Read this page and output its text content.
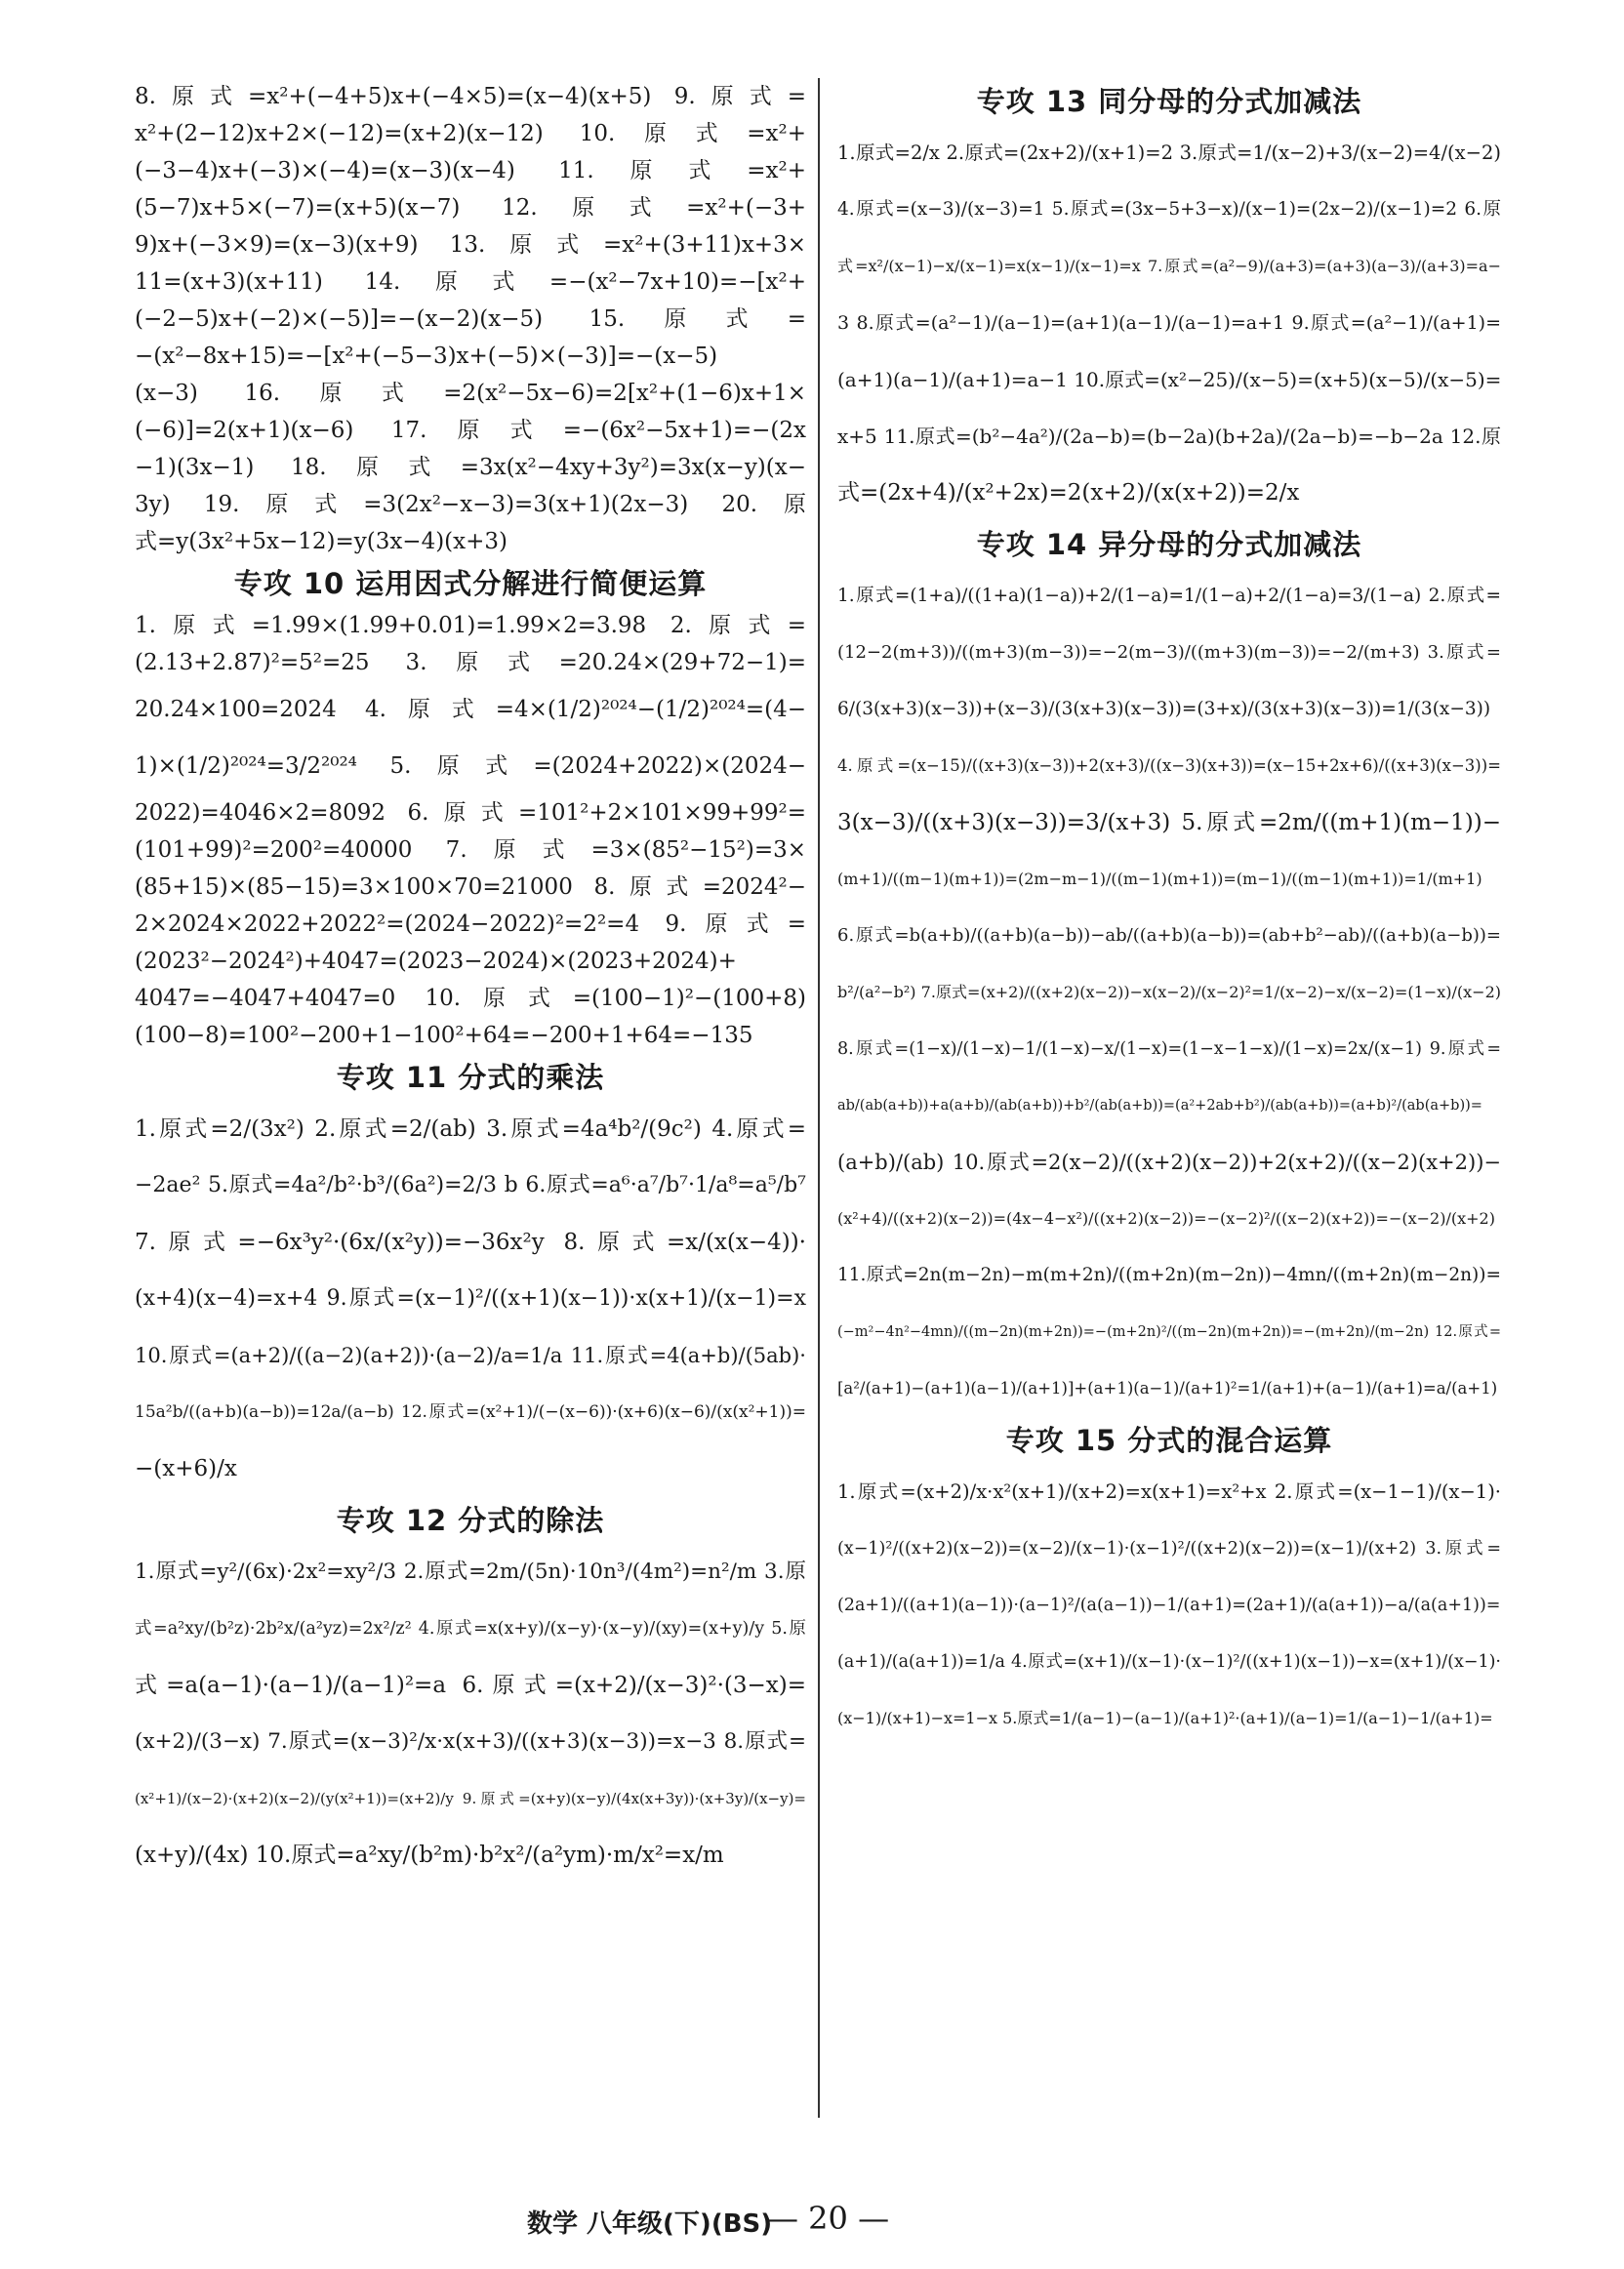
8.原式=x²+(−4+5)x+(−4×5)=(x−4)(x+5) 9.原式=
x²+(2−12)x+2×(−12)=(x+2)(x−12) 10.原式=x²+
(−3−4)x+(−3)×(−4)=(x−3)(x−4) 11.原式=x²+
(5−7)x+5×(−7)=(x+5)(x−7) 12.原式=x²+(−3+
9)x+(−3×9)=(x−3)(x+9) 13.原式=x²+(3+11)x+3×
11=(x+3)(x+11) 14.原式=−(x²−7x+10)=−[x²+
(−2−5)x+(−2)×(−5)]=−(x−2)(x−5) 15.原式=
−(x²−8x+15)=−[x²+(−5−3)x+(−5)×(−3)]=−(x−5)
(x−3) 16.原式=2(x²−5x−6)=2[x²+(1−6)x+1×
(−6)]=2(x+1)(x−6) 17.原式=−(6x²−5x+1)=−(2x
−1)(3x−1) 18.原式=3x(x²−4xy+3y²)=3x(x−y)(x−
3y) 19.原式=3(2x²−x−3)=3(x+1)(2x−3) 20.原
式=y(3x²+5x−12)=y(3x−4)(x+3)
专攻 10 运用因式分解进行简便运算
1.原式=1.99×(1.99+0.01)=1.99×2=3.98 2.原式=
(2.13+2.87)²=5²=25 3.原式=20.24×(29+72−1)=
20.24×100=2024 4.原式=4×(1/2)²⁰²⁴−(1/2)²⁰²⁴=(4−
1)×(1/2)²⁰²⁴=3/2²⁰²⁴ 5.原式=(2024+2022)×(2024−
2022)=4046×2=8092 6.原式=101²+2×101×99+99²=
(101+99)²=200²=40000 7.原式=3×(85²−15²)=3×
(85+15)×(85−15)=3×100×70=21000 8.原式=2024²−
2×2024×2022+2022²=(2024−2022)²=2²=4 9.原式=
(2023²−2024²)+4047=(2023−2024)×(2023+2024)+
4047=−4047+4047=0 10.原式=(100−1)²−(100+8)
(100−8)=100²−200+1−100²+64=−200+1+64=−135
专攻 11 分式的乘法
1.原式=2/(3x²) 2.原式=2/(ab) 3.原式=4a⁴b²/(9c²) 4.原式=
−2ae² 5.原式=4a²/b²·b³/(6a²)=2/3 b 6.原式=a⁶·a⁷/b⁷·1/a⁸=a⁵/b⁷
7.原式=−6x³y²·(6x/(x²y))=−36x²y 8.原式=x/(x(x−4))·
(x+4)(x−4)=x+4 9.原式=(x−1)²/((x+1)(x−1))·x(x+1)/(x−1)=x
10.原式=(a+2)/((a−2)(a+2))·(a−2)/a=1/a 11.原式=4(a+b)/(5ab)·
15a²b/((a+b)(a−b))=12a/(a−b) 12.原式=(x²+1)/(−(x−6))·(x+6)(x−6)/(x(x²+1))=
−(x+6)/x
专攻 12 分式的除法
1.原式=y²/(6x)·2x²=xy²/3 2.原式=2m/(5n)·10n³/(4m²)=n²/m 3.原
式=a²xy/(b²z)·2b²x/(a²yz)=2x²/z² 4.原式=x(x+y)/(x−y)·(x−y)/(xy)=(x+y)/y 5.原
式=a(a−1)·(a−1)/(a−1)²=a 6.原式=(x+2)/(x−3)²·(3−x)=
(x+2)/(3−x) 7.原式=(x−3)²/x·x(x+3)/((x+3)(x−3))=x−3 8.原式=
(x²+1)/(x−2)·(x+2)(x−2)/(y(x²+1))=(x+2)/y 9.原式=(x+y)(x−y)/(4x(x+3y))·(x+3y)/(x−y)=
(x+y)/(4x) 10.原式=a²xy/(b²m)·b²x²/(a²ym)·m/x²=x/m
专攻 13 同分母的分式加减法
1.原式=2/x 2.原式=(2x+2)/(x+1)=2 3.原式=1/(x−2)+3/(x−2)=4/(x−2)
4.原式=(x−3)/(x−3)=1 5.原式=(3x−5+3−x)/(x−1)=(2x−2)/(x−1)=2 6.原
式=x²/(x−1)−x/(x−1)=x(x−1)/(x−1)=x 7.原式=(a²−9)/(a+3)=(a+3)(a−3)/(a+3)=a−
3 8.原式=(a²−1)/(a−1)=(a+1)(a−1)/(a−1)=a+1 9.原式=(a²−1)/(a+1)=
(a+1)(a−1)/(a+1)=a−1 10.原式=(x²−25)/(x−5)=(x+5)(x−5)/(x−5)=
x+5 11.原式=(b²−4a²)/(2a−b)=(b−2a)(b+2a)/(2a−b)=−b−2a 12.原
式=(2x+4)/(x²+2x)=2(x+2)/(x(x+2))=2/x
专攻 14 异分母的分式加减法
1.原式=(1+a)/((1+a)(1−a))+2/(1−a)=1/(1−a)+2/(1−a)=3/(1−a) 2.原式=
(12−2(m+3))/((m+3)(m−3))=−2(m−3)/((m+3)(m−3))=−2/(m+3) 3.原式=
6/(3(x+3)(x−3))+(x−3)/(3(x+3)(x−3))=(3+x)/(3(x+3)(x−3))=1/(3(x−3))
4.原式=(x−15)/((x+3)(x−3))+2(x+3)/((x−3)(x+3))=(x−15+2x+6)/((x+3)(x−3))=
3(x−3)/((x+3)(x−3))=3/(x+3) 5.原式=2m/((m+1)(m−1))−
(m+1)/((m−1)(m+1))=(2m−m−1)/((m−1)(m+1))=(m−1)/((m−1)(m+1))=1/(m+1)
6.原式=b(a+b)/((a+b)(a−b))−ab/((a+b)(a−b))=(ab+b²−ab)/((a+b)(a−b))=
b²/(a²−b²) 7.原式=(x+2)/((x+2)(x−2))−x(x−2)/(x−2)²=1/(x−2)−x/(x−2)=(1−x)/(x−2)
8.原式=(1−x)/(1−x)−1/(1−x)−x/(1−x)=(1−x−1−x)/(1−x)=2x/(x−1) 9.原式=
ab/(ab(a+b))+a(a+b)/(ab(a+b))+b²/(ab(a+b))=(a²+2ab+b²)/(ab(a+b))=(a+b)²/(ab(a+b))=
(a+b)/(ab) 10.原式=2(x−2)/((x+2)(x−2))+2(x+2)/((x−2)(x+2))−
(x²+4)/((x+2)(x−2))=(4x−4−x²)/((x+2)(x−2))=−(x−2)²/((x−2)(x+2))=−(x−2)/(x+2)
11.原式=2n(m−2n)−m(m+2n)/((m+2n)(m−2n))−4mn/((m+2n)(m−2n))=
(−m²−4n²−4mn)/((m−2n)(m+2n))=−(m+2n)²/((m−2n)(m+2n))=−(m+2n)/(m−2n) 12.原式=
[a²/(a+1)−(a+1)(a−1)/(a+1)]+(a+1)(a−1)/(a+1)²=1/(a+1)+(a−1)/(a+1)=a/(a+1)
专攻 15 分式的混合运算
1.原式=(x+2)/x·x²(x+1)/(x+2)=x(x+1)=x²+x 2.原式=(x−1−1)/(x−1)·
(x−1)²/((x+2)(x−2))=(x−2)/(x−1)·(x−1)²/((x+2)(x−2))=(x−1)/(x+2) 3.原式=
(2a+1)/((a+1)(a−1))·(a−1)²/(a(a−1))−1/(a+1)=(2a+1)/(a(a+1))−a/(a(a+1))=
(a+1)/(a(a+1))=1/a 4.原式=(x+1)/(x−1)·(x−1)²/((x+1)(x−1))−x=(x+1)/(x−1)·
(x−1)/(x+1)−x=1−x 5.原式=1/(a−1)−(a−1)/(a+1)²·(a+1)/(a−1)=1/(a−1)−1/(a+1)=
数学 八年级(下)(BS)
— 20 —
